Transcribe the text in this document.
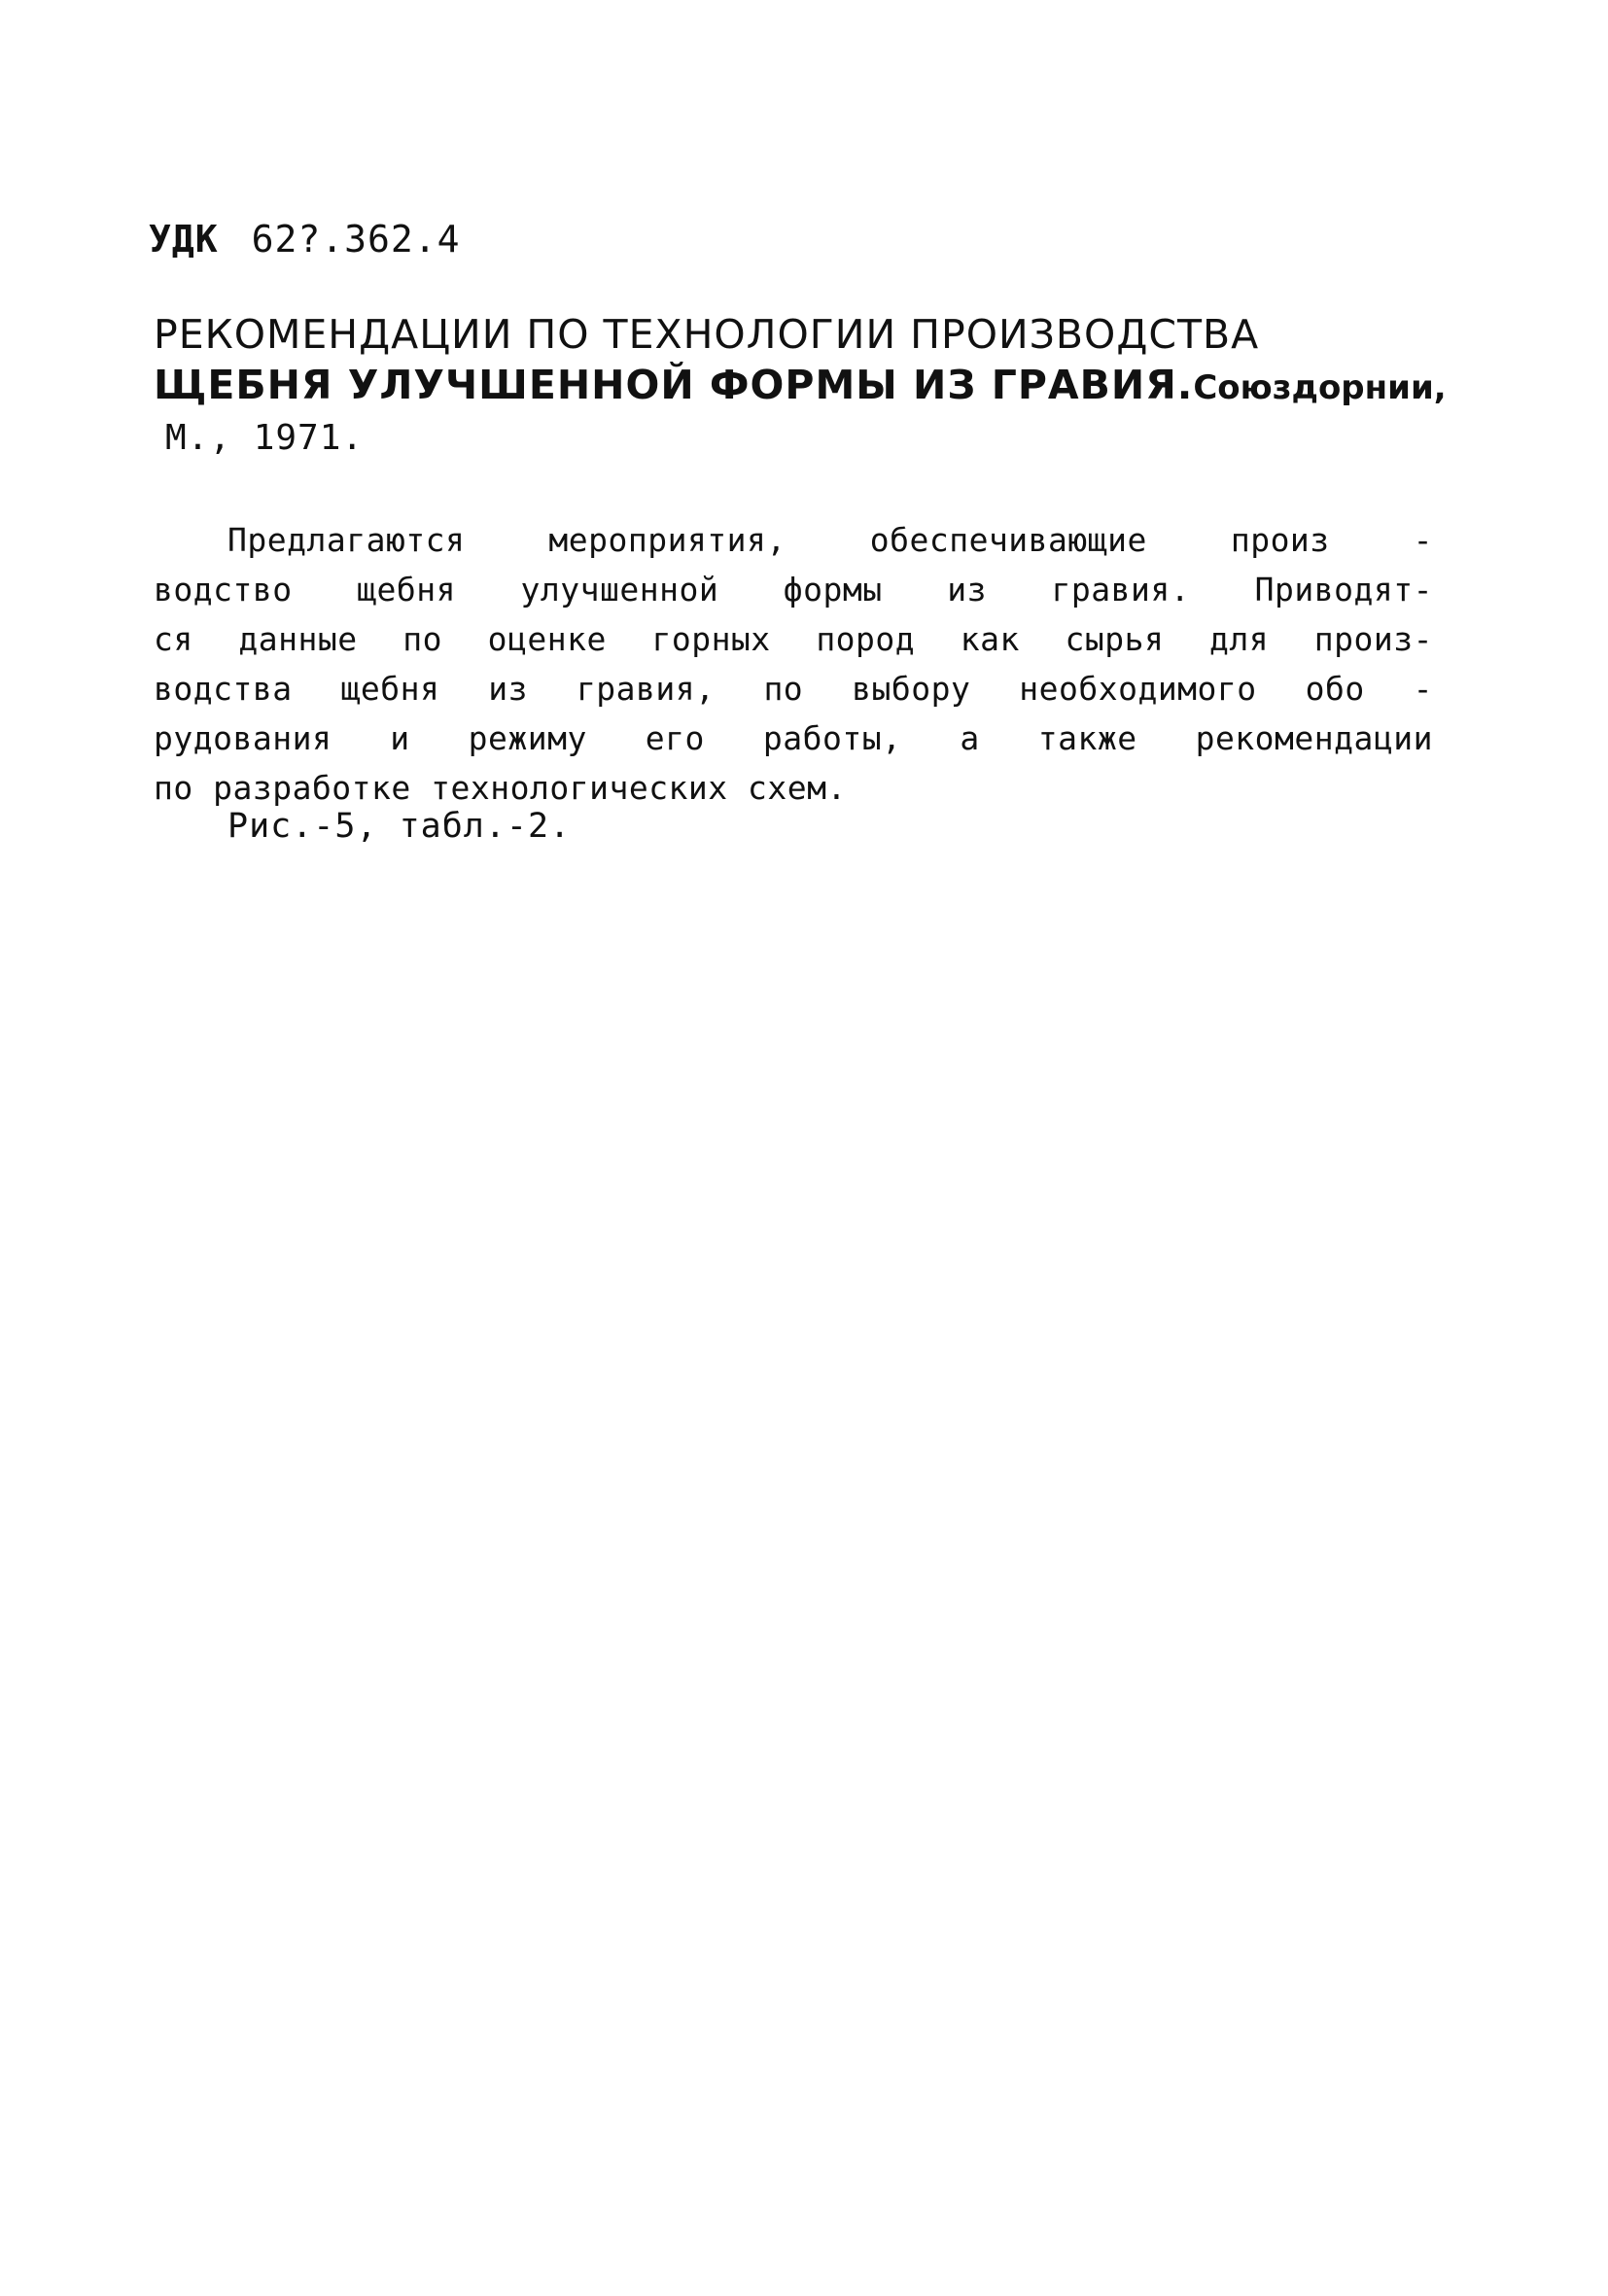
УДК 62?.362.4
РЕКОМЕНДАЦИИ ПО ТЕХНОЛОГИИ ПРОИЗВОДСТВА
ЩЕБНЯ УЛУЧШЕННОЙ ФОРМЫ ИЗ ГРАВИЯ.Союздорнии,
М., 1971.
Предлагаются мероприятия, обеспечивающие произ -
водство щебня улучшенной формы из гравия. Приводят-
ся данные по оценке горных пород как сырья для произ-
водства щебня из гравия, по выбору необходимого обо -
рудования и режиму его работы, а также рекомендации
по разработке технологических схем.
Рис.-5, табл.-2.
